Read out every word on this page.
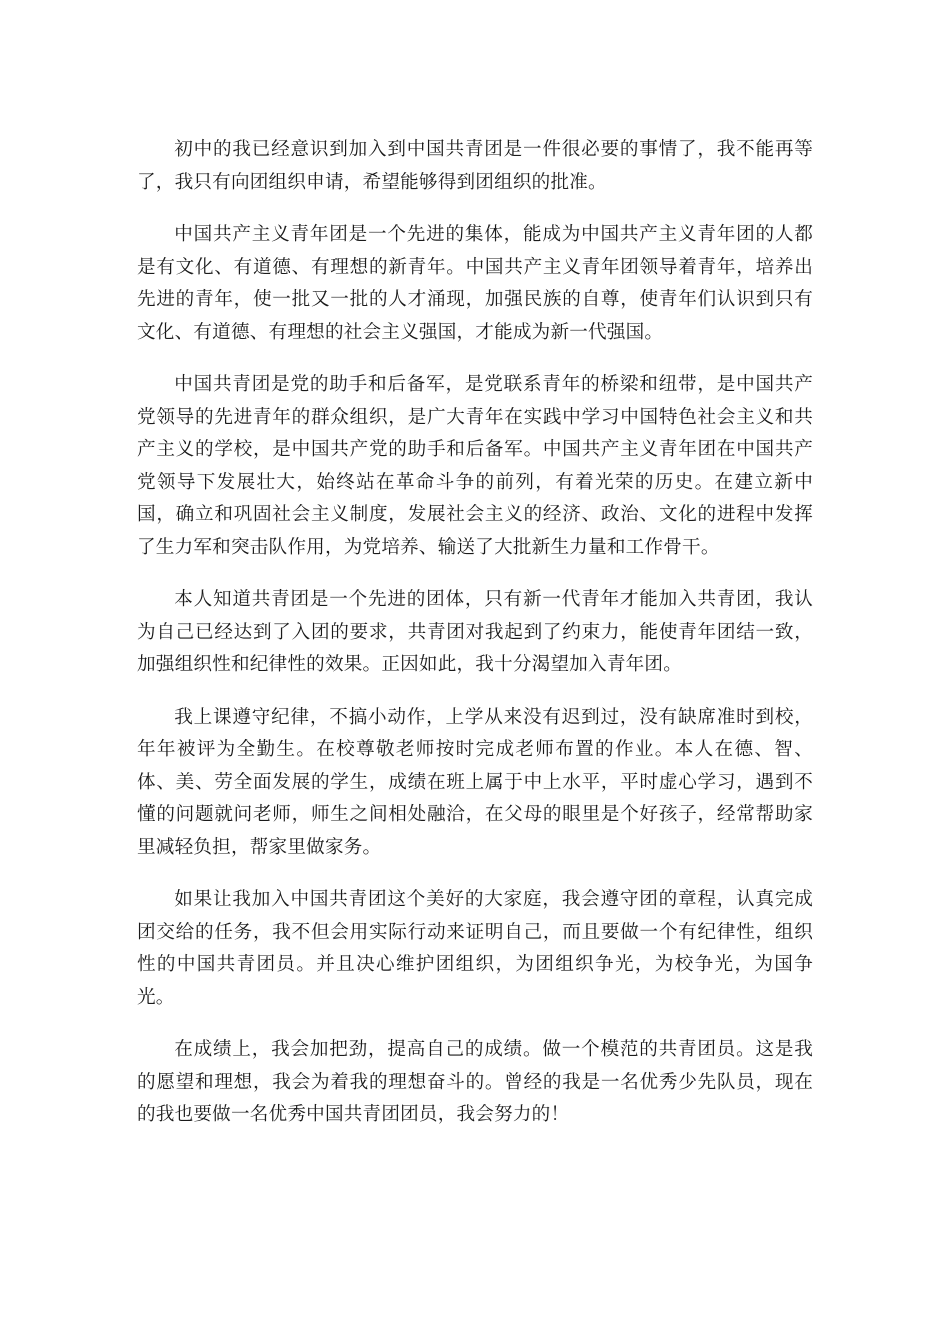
初中的我已经意识到加入到中国共青团是一件很必要的事情了，我不能再等了，我只有向团组织申请，希望能够得到团组织的批准。

中国共产主义青年团是一个先进的集体，能成为中国共产主义青年团的人都是有文化、有道德、有理想的新青年。中国共产主义青年团领导着青年，培养出先进的青年，使一批又一批的人才涌现，加强民族的自尊，使青年们认识到只有文化、有道德、有理想的社会主义强国，才能成为新一代强国。

中国共青团是党的助手和后备军，是党联系青年的桥梁和纽带，是中国共产党领导的先进青年的群众组织，是广大青年在实践中学习中国特色社会主义和共产主义的学校，是中国共产党的助手和后备军。中国共产主义青年团在中国共产党领导下发展壮大，始终站在革命斗争的前列，有着光荣的历史。在建立新中国，确立和巩固社会主义制度，发展社会主义的经济、政治、文化的进程中发挥了生力军和突击队作用，为党培养、输送了大批新生力量和工作骨干。

本人知道共青团是一个先进的团体，只有新一代青年才能加入共青团，我认为自己已经达到了入团的要求，共青团对我起到了约束力，能使青年团结一致，加强组织性和纪律性的效果。正因如此，我十分渴望加入青年团。

我上课遵守纪律，不搞小动作，上学从来没有迟到过，没有缺席准时到校，年年被评为全勤生。在校尊敬老师按时完成老师布置的作业。本人在德、智、体、美、劳全面发展的学生，成绩在班上属于中上水平，平时虚心学习，遇到不懂的问题就问老师，师生之间相处融洽，在父母的眼里是个好孩子，经常帮助家里减轻负担，帮家里做家务。

如果让我加入中国共青团这个美好的大家庭，我会遵守团的章程，认真完成团交给的任务，我不但会用实际行动来证明自己，而且要做一个有纪律性，组织性的中国共青团员。并且决心维护团组织，为团组织争光，为校争光，为国争光。

在成绩上，我会加把劲，提高自己的成绩。做一个模范的共青团员。这是我的愿望和理想，我会为着我的理想奋斗的。曾经的我是一名优秀少先队员，现在的我也要做一名优秀中国共青团团员，我会努力的！
